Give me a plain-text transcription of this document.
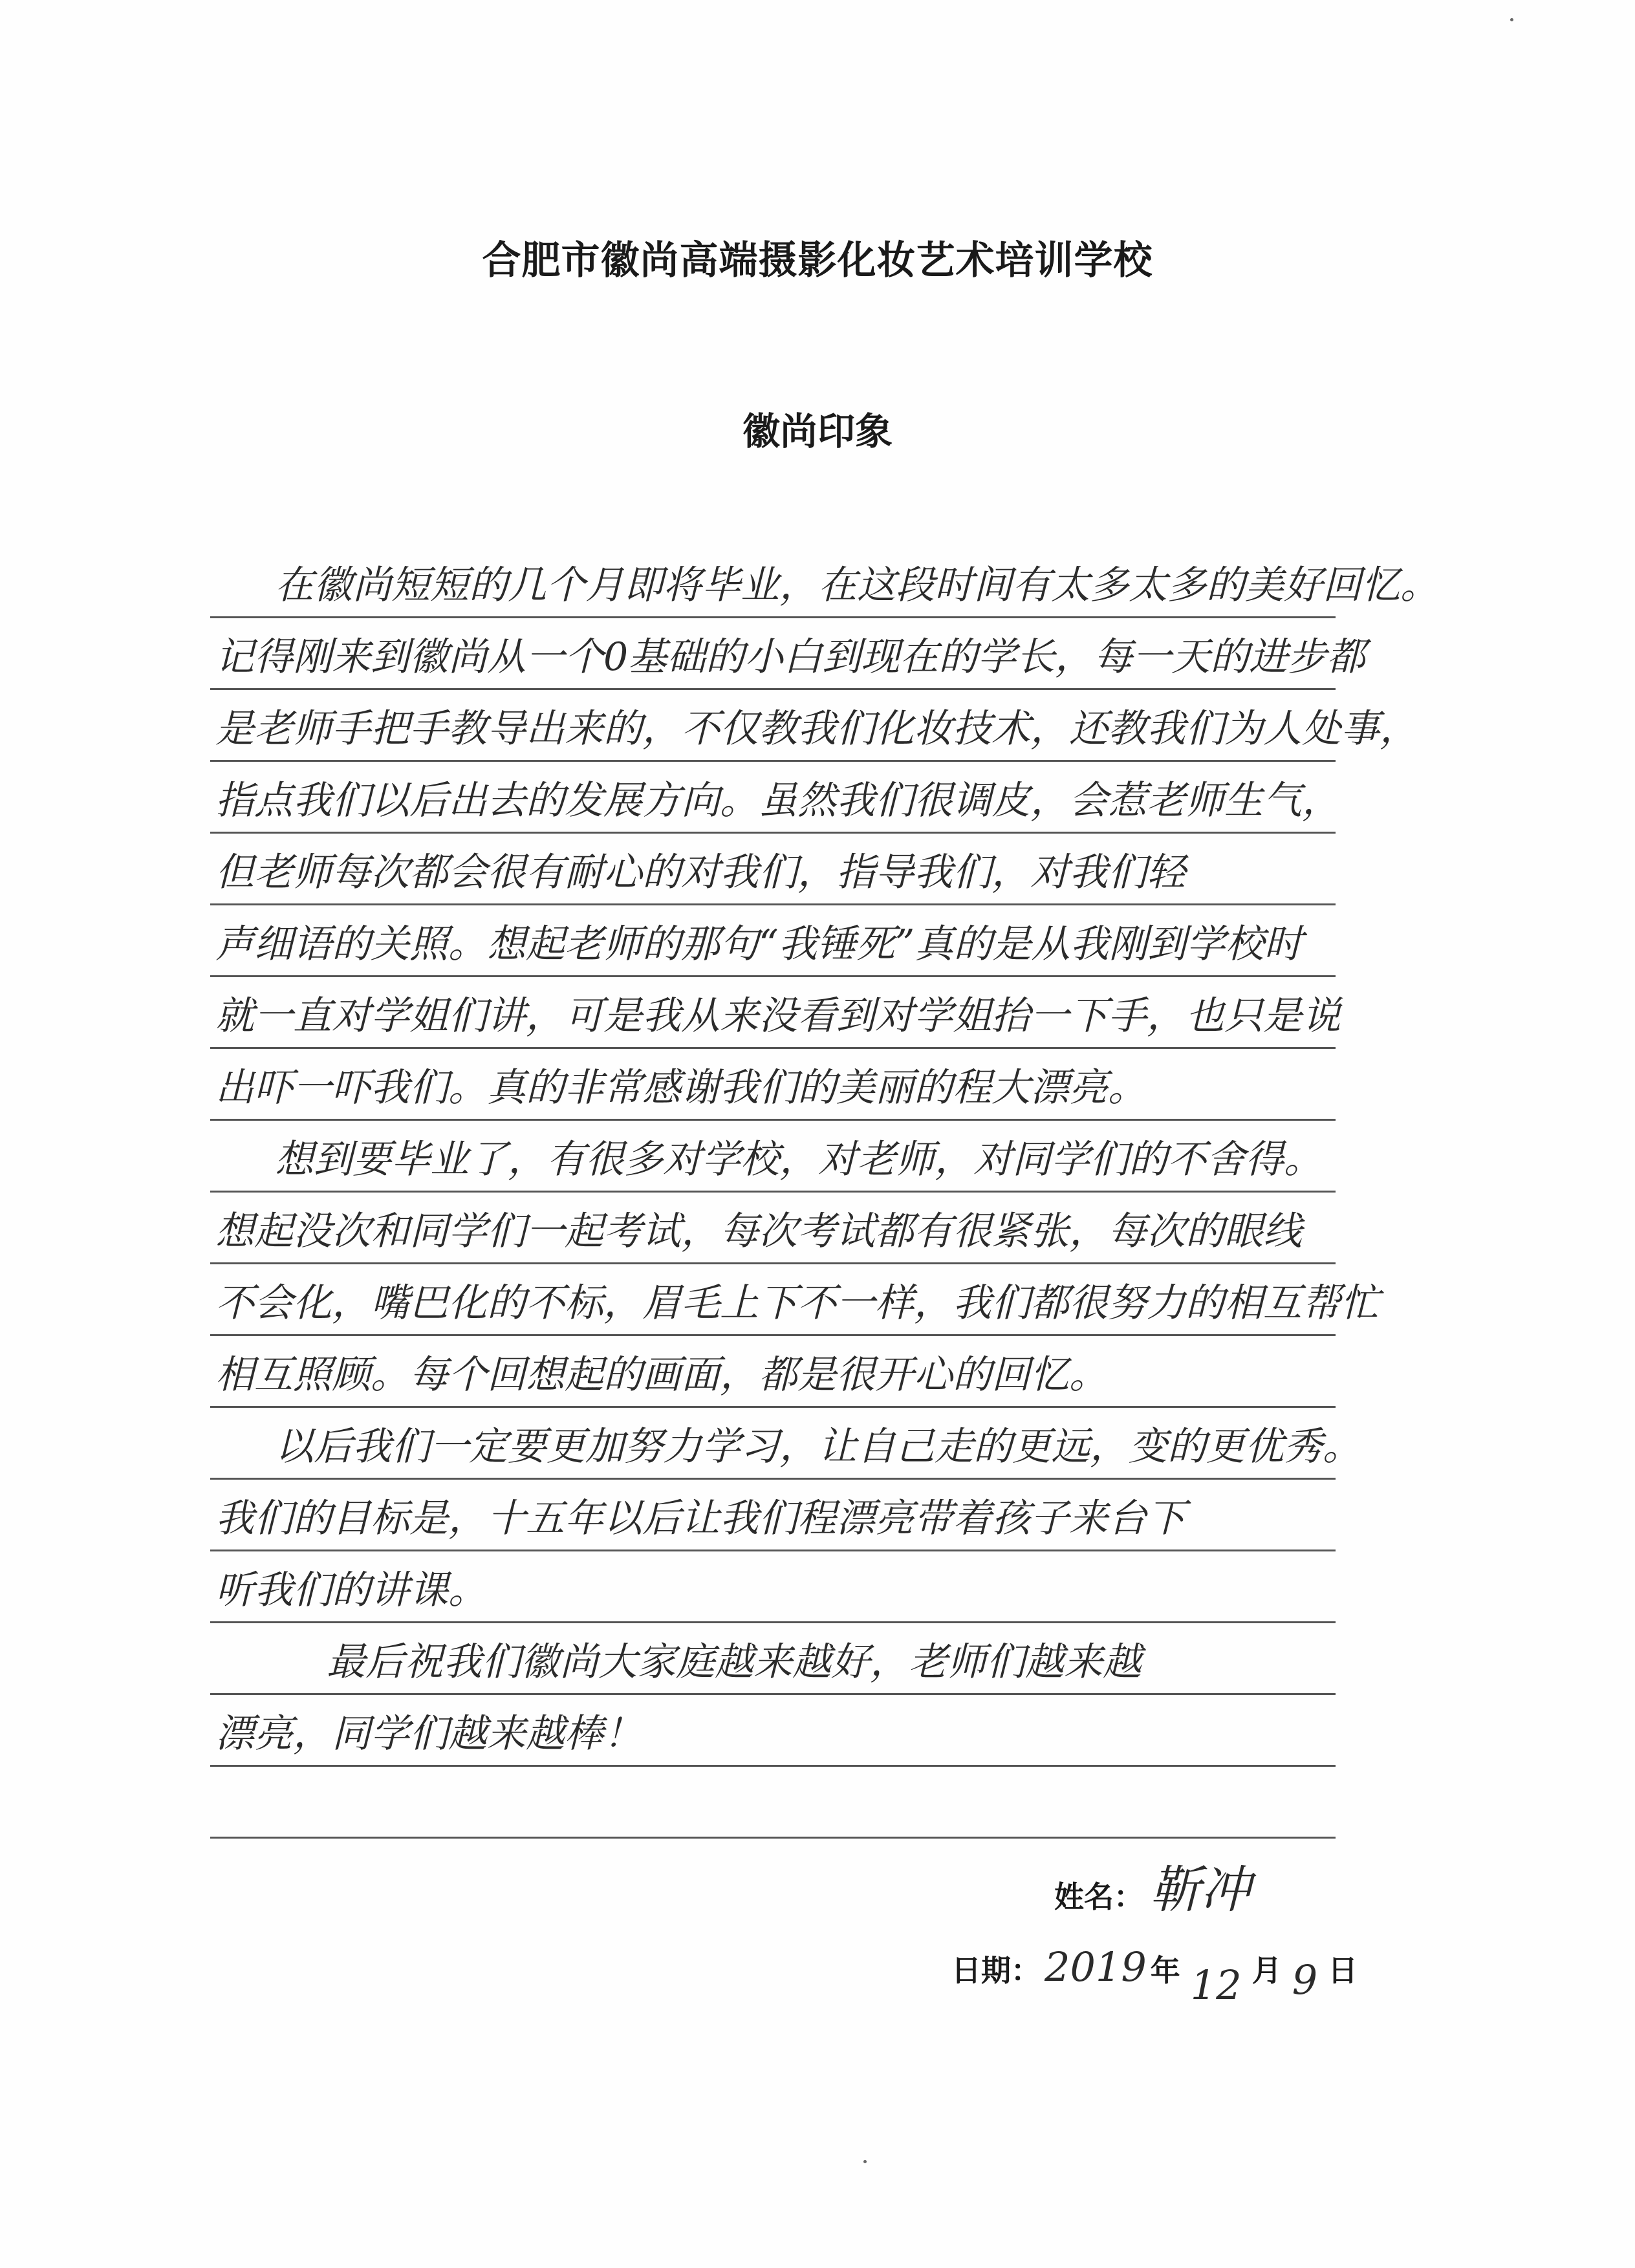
合肥市徽尚高端摄影化妆艺术培训学校
徽尚印象
在徽尚短短的几个月即将毕业，在这段时间有太多太多的美好回忆。
记得刚来到徽尚从一个0基础的小白到现在的学长，每一天的进步都
是老师手把手教导出来的，不仅教我们化妆技术，还教我们为人处事，
指点我们以后出去的发展方向。虽然我们很调皮，会惹老师生气，
但老师每次都会很有耐心的对我们，指导我们，对我们轻
声细语的关照。想起老师的那句“我锤死”真的是从我刚到学校时
就一直对学姐们讲，可是我从来没看到对学姐抬一下手，也只是说
出吓一吓我们。真的非常感谢我们的美丽的程大漂亮。
想到要毕业了，有很多对学校，对老师，对同学们的不舍得。
想起没次和同学们一起考试，每次考试都有很紧张，每次的眼线
不会化，嘴巴化的不标，眉毛上下不一样，我们都很努力的相互帮忙
相互照顾。每个回想起的画面，都是很开心的回忆。
以后我们一定要更加努力学习，让自己走的更远，变的更优秀。
我们的目标是，十五年以后让我们程漂亮带着孩子来台下
听我们的讲课。
最后祝我们徽尚大家庭越来越好，老师们越来越
漂亮，同学们越来越棒！
姓名： 靳冲
日期：2019 年 12 月 9 日
